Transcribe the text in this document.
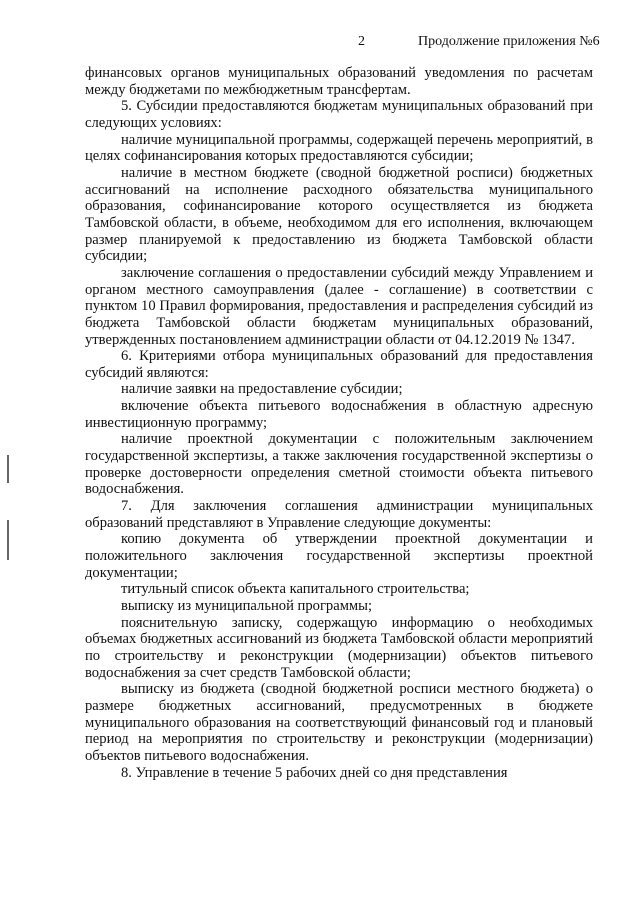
2	Продолжение приложения №6

финансовых органов муниципальных образований уведомления по расчетам между бюджетами по межбюджетным трансфертам.

5. Субсидии предоставляются бюджетам муниципальных образований при следующих условиях:

наличие муниципальной программы, содержащей перечень мероприятий, в целях софинансирования которых предоставляются субсидии;

наличие в местном бюджете (сводной бюджетной росписи) бюджетных ассигнований на исполнение расходного обязательства муниципального образования, софинансирование которого осуществляется из бюджета Тамбовской области, в объеме, необходимом для его исполнения, включающем размер планируемой к предоставлению из бюджета Тамбовской области субсидии;

заключение соглашения о предоставлении субсидий между Управлением и органом местного самоуправления (далее - соглашение) в соответствии с пунктом 10 Правил формирования, предоставления и распределения субсидий из бюджета Тамбовской области бюджетам муниципальных образований, утвержденных постановлением администрации области от 04.12.2019 № 1347.

6. Критериями отбора муниципальных образований для предоставления субсидий являются:

наличие заявки на предоставление субсидии;

включение объекта питьевого водоснабжения в областную адресную инвестиционную программу;

наличие проектной документации с положительным заключением государственной экспертизы, а также заключения государственной экспертизы о проверке достоверности определения сметной стоимости объекта питьевого водоснабжения.

7. Для заключения соглашения администрации муниципальных образований представляют в Управление следующие документы:

копию документа об утверждении проектной документации и положительного заключения государственной экспертизы проектной документации;

титульный список объекта капитального строительства;

выписку из муниципальной программы;

пояснительную записку, содержащую информацию о необходимых объемах бюджетных ассигнований из бюджета Тамбовской области мероприятий по строительству и реконструкции (модернизации) объектов питьевого водоснабжения за счет средств Тамбовской области;

выписку из бюджета (сводной бюджетной росписи местного бюджета) о размере бюджетных ассигнований, предусмотренных в бюджете муниципального образования на соответствующий финансовый год и плановый период на мероприятия по строительству и реконструкции (модернизации) объектов питьевого водоснабжения.

8. Управление в течение 5 рабочих дней со дня представления
